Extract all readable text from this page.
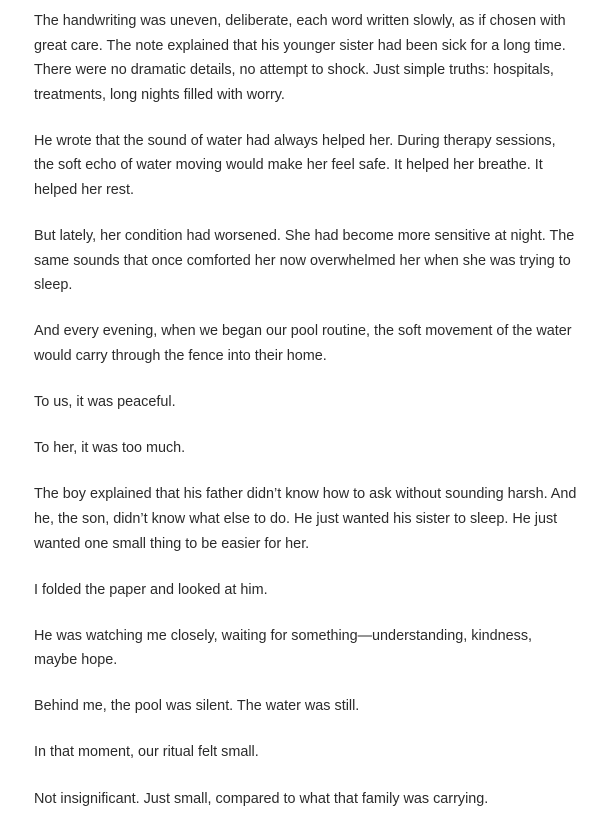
The handwriting was uneven, deliberate, each word written slowly, as if chosen with great care. The note explained that his younger sister had been sick for a long time. There were no dramatic details, no attempt to shock. Just simple truths: hospitals, treatments, long nights filled with worry.

He wrote that the sound of water had always helped her. During therapy sessions, the soft echo of water moving would make her feel safe. It helped her breathe. It helped her rest.

But lately, her condition had worsened. She had become more sensitive at night. The same sounds that once comforted her now overwhelmed her when she was trying to sleep.

And every evening, when we began our pool routine, the soft movement of the water would carry through the fence into their home.

To us, it was peaceful.

To her, it was too much.

The boy explained that his father didn’t know how to ask without sounding harsh. And he, the son, didn’t know what else to do. He just wanted his sister to sleep. He just wanted one small thing to be easier for her.

I folded the paper and looked at him.

He was watching me closely, waiting for something—understanding, kindness, maybe hope.

Behind me, the pool was silent. The water was still.

In that moment, our ritual felt small.

Not insignificant. Just small, compared to what that family was carrying.
